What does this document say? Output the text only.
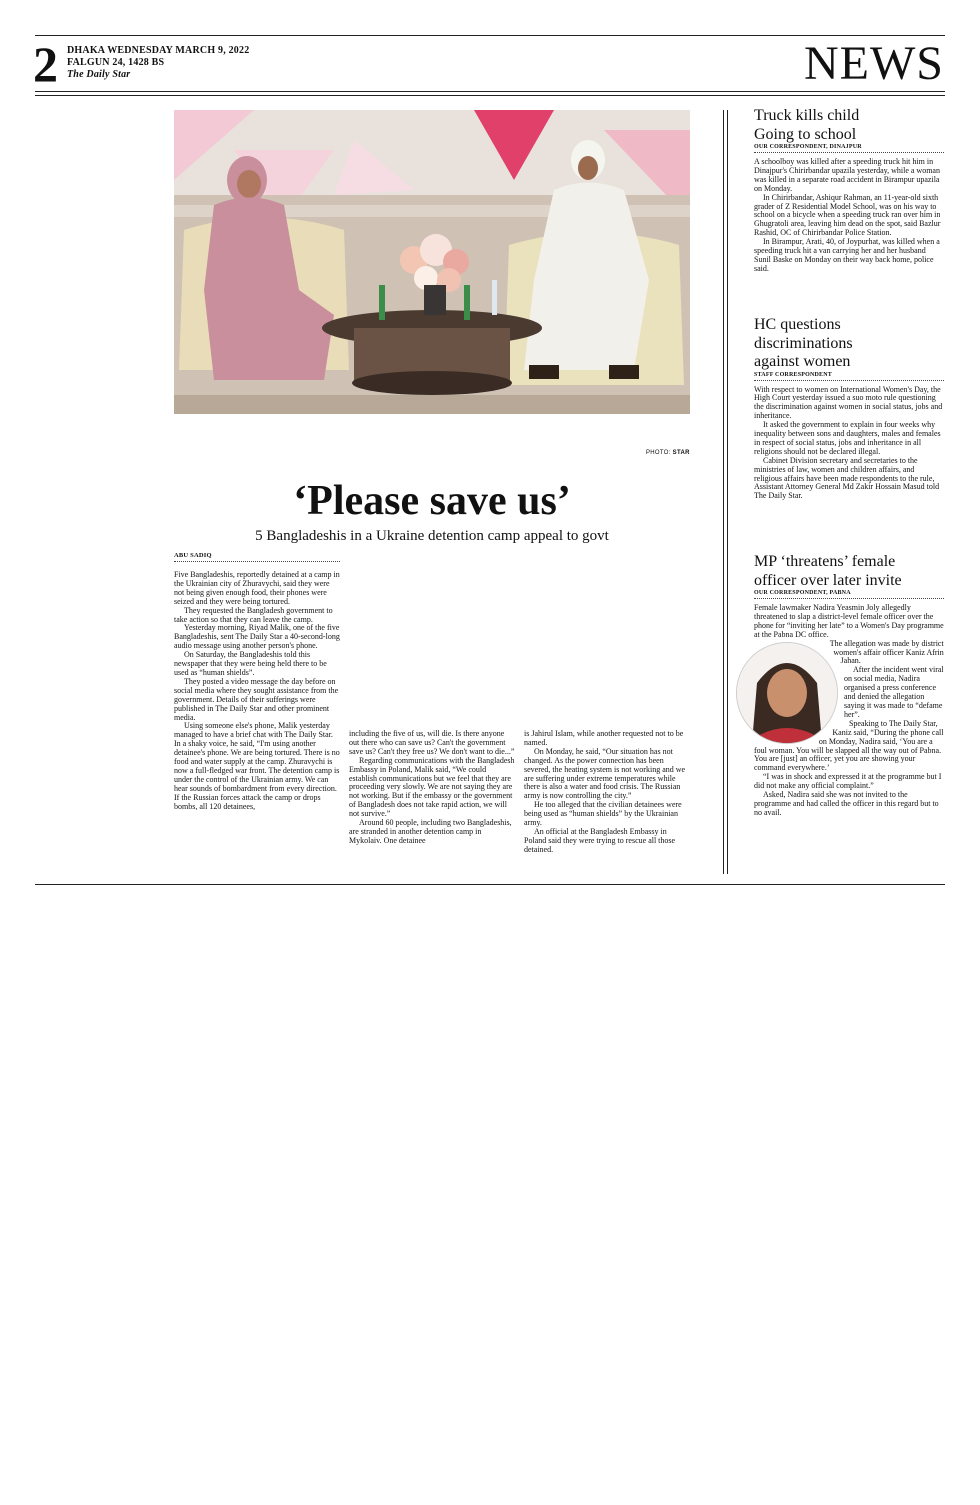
2 DHAKA WEDNESDAY MARCH 9, 2022
FALGUN 24, 1428 BS
The Daily Star	NEWS
PHOTO: STAR
‘Please save us’
5 Bangladeshis in a Ukraine detention camp appeal to govt
ABU SADIQ

Five Bangladeshis, reportedly detained at a camp in the Ukrainian city of Zhuravychi, said they were not being given enough food, their phones were seized and they were being tortured.

They requested the Bangladesh government to take action so that they can leave the camp.

Yesterday morning, Riyad Malik, one of the five Bangladeshis, sent The Daily Star a 40-second-long audio message using another person's phone.

On Saturday, the Bangladeshis told this newspaper that they were being held there to be used as “human shields”.

They posted a video message the day before on social media where they sought assistance from the government. Details of their sufferings were published in The Daily Star and other prominent media.

Using someone else's phone, Malik yesterday managed to have a brief chat with The Daily Star. In a shaky voice, he said, “I'm using another detainee's phone. We are being tortured. There is no food and water supply at the camp. Zhuravychi is now a full-fledged war front. The detention camp is under the control of the Ukrainian army. We can hear sounds of bombardment from every direction. If the Russian forces attack the camp or drops bombs, all 120 detainees,

including the five of us, will die. Is there anyone out there who can save us? Can't the government save us? Can't they free us? We don't want to die...”

Regarding communications with the Bangladesh Embassy in Poland, Malik said, “We could establish communications but we feel that they are proceeding very slowly. We are not saying they are not working. But if the embassy or the government of Bangladesh does not take rapid action, we will not survive.”

Around 60 people, including two Bangladeshis, are stranded in another detention camp in Mykolaiv. One detainee

is Jahirul Islam, while another requested not to be named.

On Monday, he said, “Our situation has not changed. As the power connection has been severed, the heating system is not working and we are suffering under extreme temperatures while there is also a water and food crisis. The Russian army is now controlling the city.”

He too alleged that the civilian detainees were being used as “human shields” by the Ukrainian army.

An official at the Bangladesh Embassy in Poland said they were trying to rescue all those detained.

Truck kills child
Going to school
OUR CORRESPONDENT, DINAJPUR

A schoolboy was killed after a speeding truck hit him in Dinajpur's Chirirbandar upazila yesterday, while a woman was killed in a separate road accident in Birampur upazila on Monday.

In Chirirbandar, Ashiqur Rahman, an 11-year-old sixth grader of Z Residential Model School, was on his way to school on a bicycle when a speeding truck ran over him in Ghugratoli area, leaving him dead on the spot, said Bazlur Rashid, OC of Chirirbandar Police Station.

In Birampur, Arati, 40, of Joypurhat, was killed when a speeding truck hit a van carrying her and her husband Sunil Baske on Monday on their way back home, police said.

HC questions
discriminations
against women
STAFF CORRESPONDENT

With respect to women on International Women's Day, the High Court yesterday issued a suo moto rule questioning the discrimination against women in social status, jobs and inheritance.

It asked the government to explain in four weeks why inequality between sons and daughters, males and females in respect of social status, jobs and inheritance in all religions should not be declared illegal.

Cabinet Division secretary and secretaries to the ministries of law, women and children affairs, and religious affairs have been made respondents to the rule, Assistant Attorney General Md Zakir Hossain Masud told The Daily Star.

MP ‘threatens’ female
officer over later invite
OUR CORRESPONDENT, PABNA

Female lawmaker Nadira Yeasmin Joly allegedly threatened to slap a district-level female officer over the phone for “inviting her late” to a Women's Day programme at the Pabna DC office.

The allegation was made by district women's affair officer Kaniz Afrin Jahan.

After the incident went viral on social media, Nadira organised a press conference and denied the allegation saying it was made to “defame her”.

Speaking to The Daily Star, Kaniz said, “During the phone call on Monday, Nadira said, ‘You are a foul woman. You will be slapped all the way out of Pabna. You are [just] an officer, yet you are showing your command everywhere.’

“I was in shock and expressed it at the programme but I did not make any official complaint.”

Asked, Nadira said she was not invited to the programme and had called the officer in this regard but to no avail.
